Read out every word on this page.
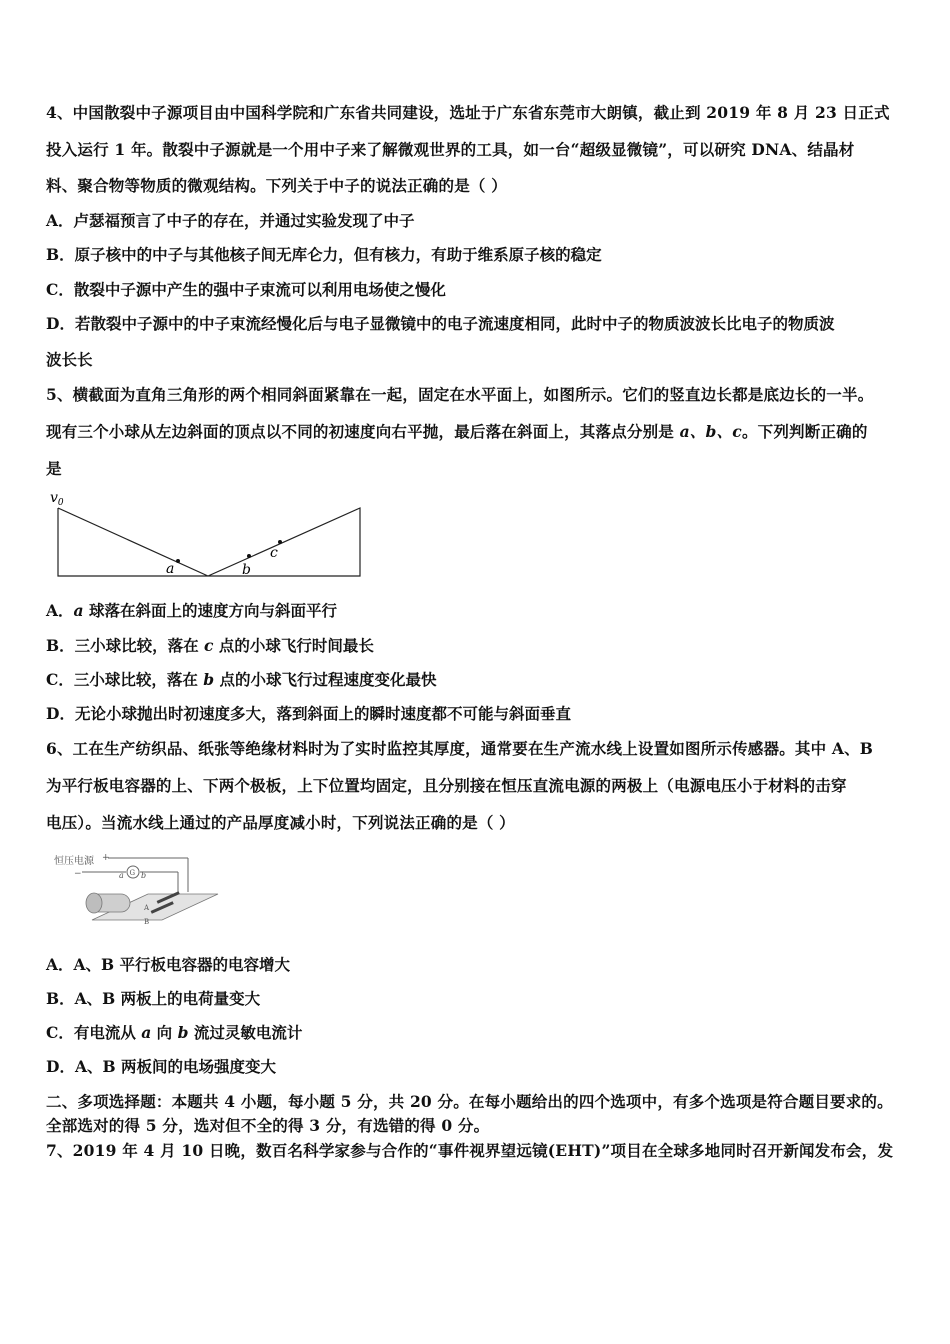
4、中国散裂中子源项目由中国科学院和广东省共同建设，选址于广东省东莞市大朗镇，截止到 2019 年 8 月 23 日正式
投入运行 1 年。散裂中子源就是一个用中子来了解微观世界的工具，如一台“超级显微镜”，可以研究 DNA、结晶材
料、聚合物等物质的微观结构。下列关于中子的说法正确的是（ ）
A．卢瑟福预言了中子的存在，并通过实验发现了中子
B．原子核中的中子与其他核子间无库仑力，但有核力，有助于维系原子核的稳定
C．散裂中子源中产生的强中子束流可以利用电场使之慢化
D．若散裂中子源中的中子束流经慢化后与电子显微镜中的电子流速度相同，此时中子的物质波波长比电子的物质波
波长长
5、横截面为直角三角形的两个相同斜面紧靠在一起，固定在水平面上，如图所示。它们的竖直边长都是底边长的一半。
现有三个小球从左边斜面的顶点以不同的初速度向右平抛，最后落在斜面上，其落点分别是 a、b、c。下列判断正确的
是
$v_0$
a	b
c
A．a 球落在斜面上的速度方向与斜面平行
B．三小球比较，落在 c 点的小球飞行时间最长
C．三小球比较，落在 b 点的小球飞行过程速度变化最快
D．无论小球抛出时初速度多大，落到斜面上的瞬时速度都不可能与斜面垂直
6、工在生产纺织品、纸张等绝缘材料时为了实时监控其厚度，通常要在生产流水线上设置如图所示传感器。其中 A、B
为平行板电容器的上、下两个极板，上下位置均固定，且分别接在恒压直流电源的两极上（电源电压小于材料的击穿
电压）。当流水线上通过的产品厚度减小时，下列说法正确的是（ ）
恒压电源 +
−	G
a b
A
B
A．A、B 平行板电容器的电容增大
B．A、B 两板上的电荷量变大
C．有电流从 a 向 b 流过灵敏电流计
D．A、B 两板间的电场强度变大
二、多项选择题：本题共 4 小题，每小题 5 分，共 20 分。在每小题给出的四个选项中，有多个选项是符合题目要求的。
全部选对的得 5 分，选对但不全的得 3 分，有选错的得 0 分。
7、2019 年 4 月 10 日晚，数百名科学家参与合作的“事件视界望远镜(EHT)”项目在全球多地同时召开新闻发布会，发
